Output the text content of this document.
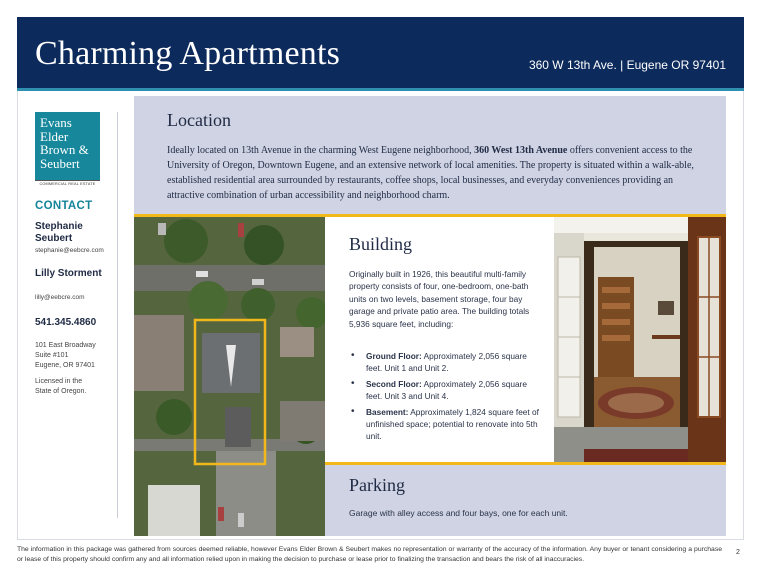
Charming Apartments	360 W 13th Ave. | Eugene OR 97401
Evans
Elder
Brown &
Seubert
COMMERCIAL REAL ESTATE
CONTACT
Stephanie Seubert
stephanie@eebcre.com
Lilly Storment
lilly@eebcre.com
541.345.4860
101 East Broadway
Suite #101
Eugene, OR 97401
Licensed in the
State of Oregon.
Location
Ideally located on 13th Avenue in the charming West Eugene neighborhood, 360 West 13th Avenue offers convenient access to the University of Oregon, Downtown Eugene, and an extensive network of local amenities. The property is situated within a walk-able, established residential area surrounded by restaurants, coffee shops, local businesses, and everyday conveniences providing an attractive combination of urban accessibility and neighborhood charm.
Building
Originally built in 1926, this beautiful multi-family property consists of four, one-bedroom, one-bath units on two levels, basement storage, four bay garage and private patio area. The building totals 5,936 square feet, including:
• Ground Floor: Approximately 2,056 square feet. Unit 1 and Unit 2.
• Second Floor: Approximately 2,056 square feet. Unit 3 and Unit 4.
• Basement: Approximately 1,824 square feet of unfinished space; potential to renovate into 5th unit.
Parking
Garage with alley access and four bays, one for each unit.
The information in this package was gathered from sources deemed reliable, however Evans Elder Brown & Seubert makes no representation or warranty of the accuracy of the information. Any buyer or tenant considering a purchase or lease of this property should confirm any and all information relied upon in making the decision to purchase or lease prior to finalizing the transaction and bears the risk of all inaccuracies.
2
